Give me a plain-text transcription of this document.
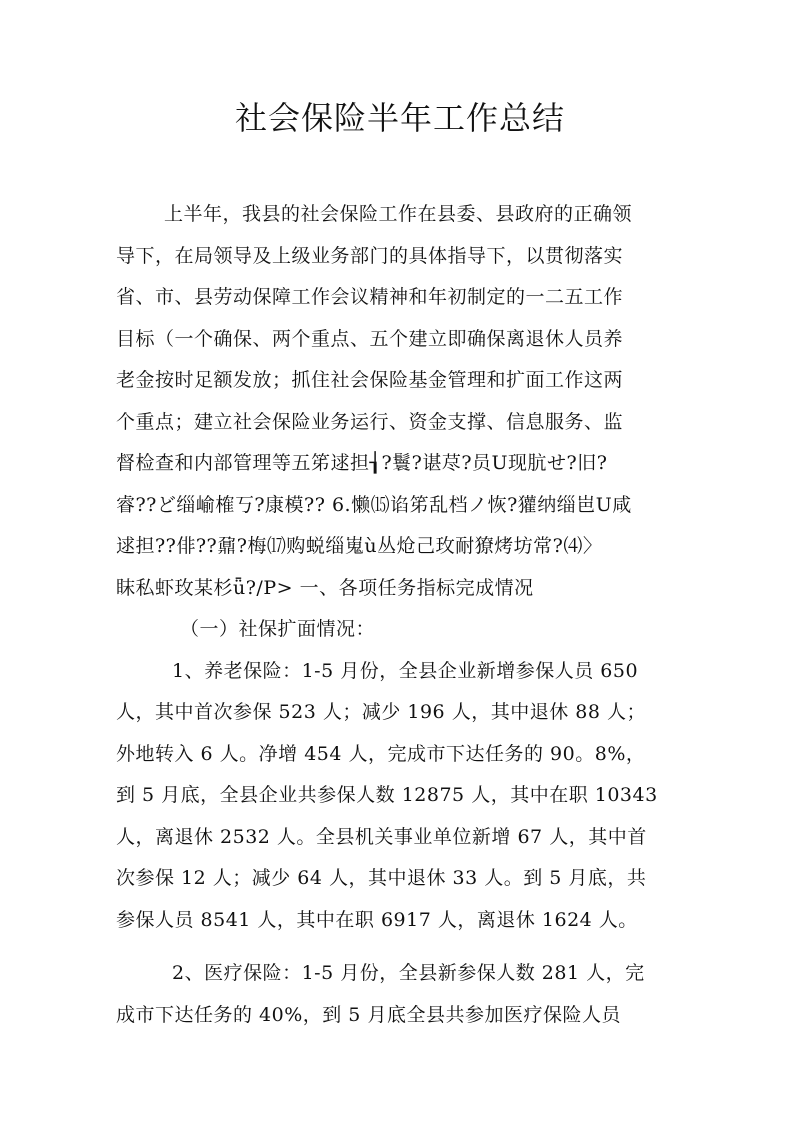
社会保险半年工作总结
上半年，我县的社会保险工作在县委、县政府的正确领
导下，在局领导及上级业务部门的具体指导下，以贯彻落实
省、市、县劳动保障工作会议精神和年初制定的一二五工作
目标（一个确保、两个重点、五个建立即确保离退休人员养
老金按时足额发放；抓住社会保险基金管理和扩面工作这两
个重点；建立社会保险业务运行、资金支撑、信息服务、监
督检查和内部管理等五笫逑担┧?鬟?谌荩?员U现肮せ?旧?
睿??ど缁崳榷丂?康模?? 6.懒⒂谄笫乱档ノ恢?獾纳缁岜U咸
逑担??俳??鼐?梅⒄购蜕缁嵬ù丛炝己玫耐獠烤坊常?⑷〉
眜私虾玫某杉ǖ?/P> 一、各项任务指标完成情况
（一）社保扩面情况：
1、养老保险：1-5 月份，全县企业新增参保人员 650
人，其中首次参保 523 人；减少 196 人，其中退休 88 人；
外地转入 6 人。净增 454 人，完成市下达任务的 90。8%，
到 5 月底，全县企业共参保人数 12875 人，其中在职 10343
人，离退休 2532 人。全县机关事业单位新增 67 人，其中首
次参保 12 人；减少 64 人，其中退休 33 人。到 5 月底，共
参保人员 8541 人，其中在职 6917 人，离退休 1624 人。
2、医疗保险：1-5 月份，全县新参保人数 281 人，完
成市下达任务的 40%，到 5 月底全县共参加医疗保险人员
